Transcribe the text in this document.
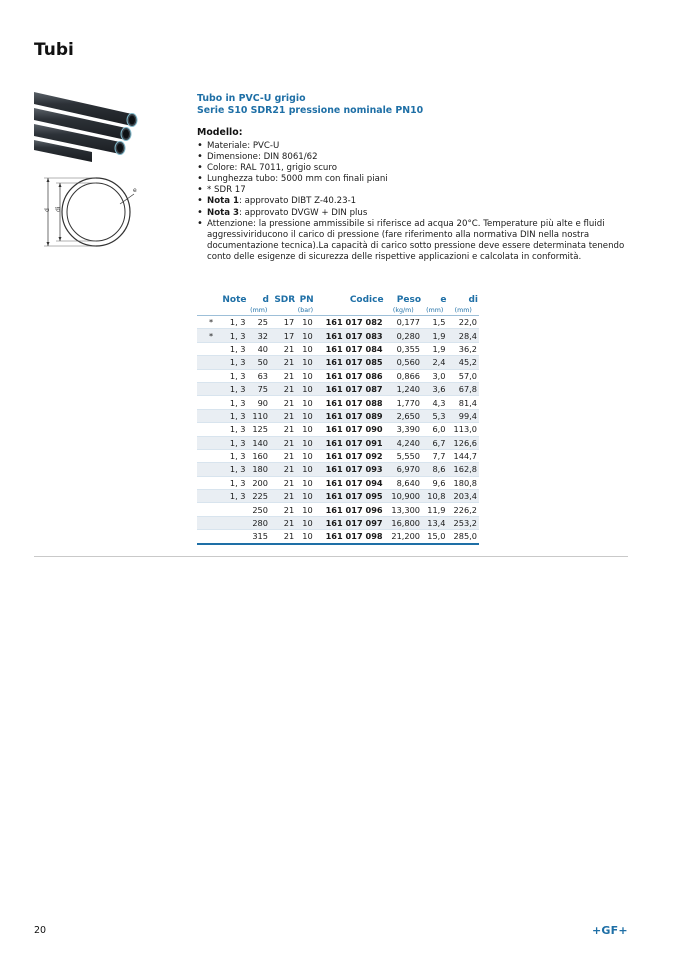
Tubi
d di
e
Tubo in PVC-U grigio
Serie S10 SDR21 pressione nominale PN10
Modello:
• Materiale: PVC-U
• Dimensione: DIN 8061/62
• Colore: RAL 7011, grigio scuro
• Lunghezza tubo: 5000 mm con finali piani
• * SDR 17
• Nota 1: approvato DIBT Z-40.23-1
• Nota 3: approvato DVGW + DIN plus
• Attenzione: la pressione ammissibile si riferisce ad acqua 20°C. Temperature più alte e fluidi aggressiviriducono il carico di pressione (fare riferimento alla normativa DIN nella nostra documentazione tecnica).La capacità di carico sotto pressione deve essere determinata tenendo conto delle esigenze di sicurezza delle rispettive applicazioni e calcolata in conformità.
Note		d	SDR	PN	Codice	Peso	e	di
		(mm)		(bar)		(kg/m)	(mm)	(mm)
*	1, 3	25	17	10	161 017 082	0,177	1,5	22,0
*	1, 3	32	17	10	161 017 083	0,280	1,9	28,4
	1, 3	40	21	10	161 017 084	0,355	1,9	36,2
	1, 3	50	21	10	161 017 085	0,560	2,4	45,2
	1, 3	63	21	10	161 017 086	0,866	3,0	57,0
	1, 3	75	21	10	161 017 087	1,240	3,6	67,8
	1, 3	90	21	10	161 017 088	1,770	4,3	81,4
	1, 3	110	21	10	161 017 089	2,650	5,3	99,4
	1, 3	125	21	10	161 017 090	3,390	6,0	113,0
	1, 3	140	21	10	161 017 091	4,240	6,7	126,6
	1, 3	160	21	10	161 017 092	5,550	7,7	144,7
	1, 3	180	21	10	161 017 093	6,970	8,6	162,8
	1, 3	200	21	10	161 017 094	8,640	9,6	180,8
	1, 3	225	21	10	161 017 095	10,900	10,8	203,4
		250	21	10	161 017 096	13,300	11,9	226,2
		280	21	10	161 017 097	16,800	13,4	253,2
		315	21	10	161 017 098	21,200	15,0	285,0
20	+GF+
